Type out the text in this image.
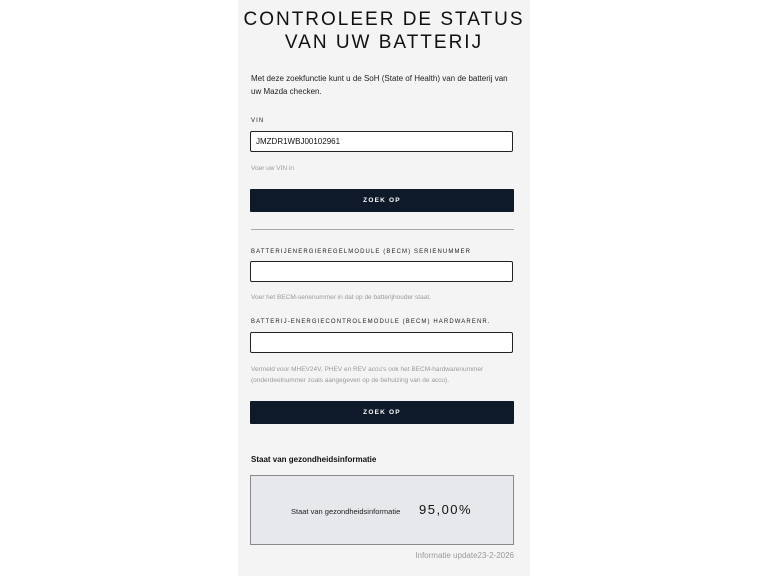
CONTROLEER DE STATUS
VAN UW BATTERIJ
Met deze zoekfunctie kunt u de SoH (State of Health) van de batterij van uw Mazda checken.
VIN
JMZDR1WBJ00102961
Voer uw VIN in
ZOEK OP
BATTERIJENERGIEREGELMODULE (BECM) SERIENUMMER
Voer het BECM-serienummer in dat op de batterijhouder staat.
BATTERIJ-ENERGIECONTROLEMODULE (BECM) HARDWARENR.
Vermeld voor MHEV24V, PHEV en REV accu's ook het BECM-hardwarenummer (onderdeelnummer zoals aangegeven op de behuizing van de accu).
ZOEK OP
Staat van gezondheidsinformatie
Staat van gezondheidsinformatie 95,00%
Informatie update23-2-2026
